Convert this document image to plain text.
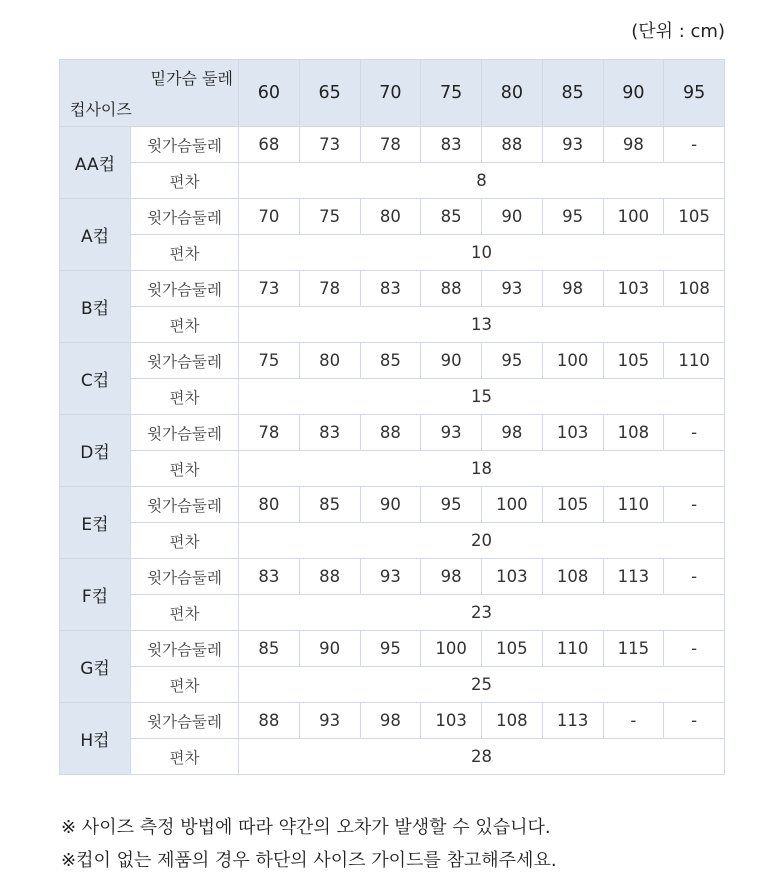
(단위 : cm)
밑가슴 둘레
컵사이즈		60	65	70	75	80	85	90	95
AA컵	윗가슴둘레	68	73	78	83	88	93	98	-
	편차	8							
A컵	윗가슴둘레	70	75	80	85	90	95	100	105
	편차	10							
B컵	윗가슴둘레	73	78	83	88	93	98	103	108
	편차	13							
C컵	윗가슴둘레	75	80	85	90	95	100	105	110
	편차	15							
D컵	윗가슴둘레	78	83	88	93	98	103	108	-
	편차	18							
E컵	윗가슴둘레	80	85	90	95	100	105	110	-
	편차	20							
F컵	윗가슴둘레	83	88	93	98	103	108	113	-
	편차	23							
G컵	윗가슴둘레	85	90	95	100	105	110	115	-
	편차	25							
H컵	윗가슴둘레	88	93	98	103	108	113	-	-
	편차	28							
※ 사이즈 측정 방법에 따라 약간의 오차가 발생할 수 있습니다.
※컵이 없는 제품의 경우 하단의 사이즈 가이드를 참고해주세요.
